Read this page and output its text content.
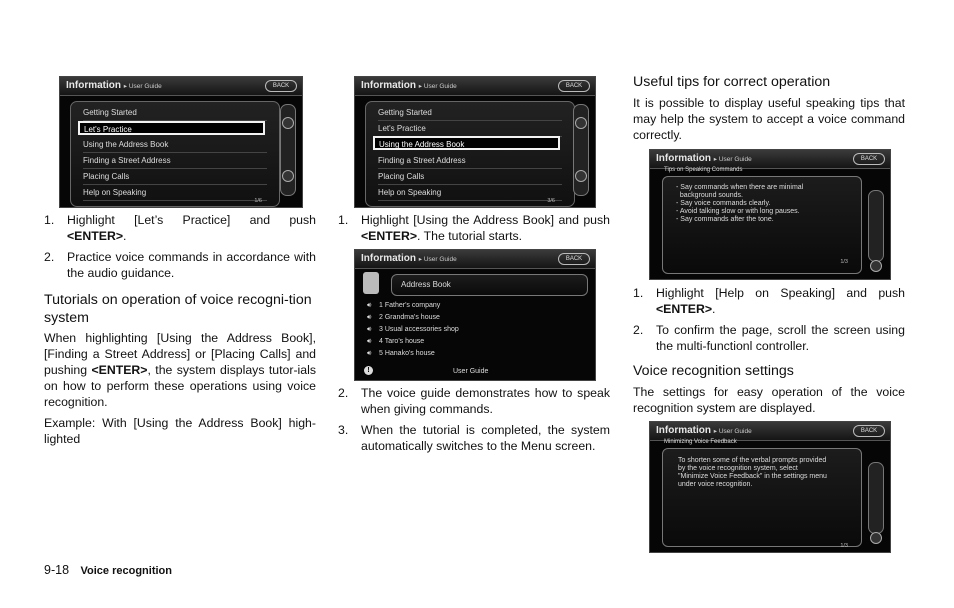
Information ▸ User Guide	BACK
Getting Started
Let's Practice
Using the Address Book
Finding a Street Address
Placing Calls
Help on Speaking
1/6
1. Highlight [Let’s Practice] and push <ENTER>.
2. Practice voice commands in accordance with the audio guidance.
Tutorials on operation of voice recogni-tion system

When highlighting [Using the Address Book], [Finding a Street Address] or [Placing Calls] and pushing <ENTER>, the system displays tutor-ials on how to perform these operations using voice recognition.

Example: With [Using the Address Book] high-lighted

Information ▸ User Guide	BACK
Getting Started
Let's Practice
Using the Address Book
Finding a Street Address
Placing Calls
Help on Speaking
3/6
1. Highlight [Using the Address Book] and push <ENTER>. The tutorial starts.
Information ▸ User Guide	BACK
Address Book
🔊︎ 1 Father's company
🔊︎ 2 Grandma's house
🔊︎ 3 Usual accessories shop
🔊︎ 4 Taro's house
🔊︎ 5 Hanako's house
!	User Guide
2. The voice guide demonstrates how to speak when giving commands.
3. When the tutorial is completed, the system automatically switches to the Menu screen.
Useful tips for correct operation

It is possible to display useful speaking tips that may help the system to accept a voice command correctly.

Information ▸ User Guide	BACK
Tips on Speaking Commands
- Say commands when there are minimal
background sounds.
- Say voice commands clearly.
- Avoid talking slow or with long pauses.
- Say commands after the tone.
1/3
1. Highlight [Help on Speaking] and push <ENTER>.
2. To confirm the page, scroll the screen using the multi-functionl controller.
Voice recognition settings

The settings for easy operation of the voice recognition system are displayed.

Information ▸ User Guide	BACK
Minimizing Voice Feedback
To shorten some of the verbal prompts provided
by the voice recognition system, select
"Minimize Voice Feedback" in the settings menu
under voice recognition.
1/3
9-18 Voice recognition
